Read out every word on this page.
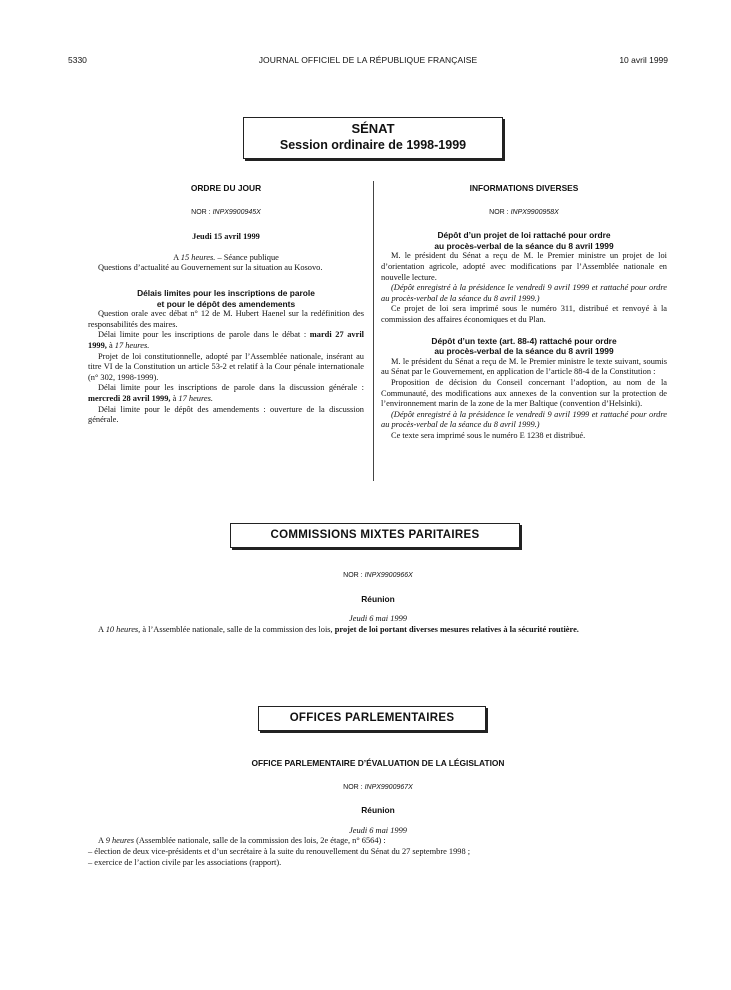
5330	JOURNAL OFFICIEL DE LA RÉPUBLIQUE FRANÇAISE	10 avril 1999
SÉNAT
Session ordinaire de 1998-1999
ORDRE DU JOUR
NOR : INPX9900945X
Jeudi 15 avril 1999
A 15 heures. – Séance publique

Questions d’actualité au Gouvernement sur la situation au Kosovo.

Délais limites pour les inscriptions de parole
et pour le dépôt des amendements

Question orale avec débat n° 12 de M. Hubert Haenel sur la redéfinition des responsabilités des maires.

Délai limite pour les inscriptions de parole dans le débat : mardi 27 avril 1999, à 17 heures.

Projet de loi constitutionnelle, adopté par l’Assemblée nationale, insérant au titre VI de la Constitution un article 53-2 et relatif à la Cour pénale internationale (n° 302, 1998-1999).

Délai limite pour les inscriptions de parole dans la discussion générale : mercredi 28 avril 1999, à 17 heures.

Délai limite pour le dépôt des amendements : ouverture de la discussion générale.

INFORMATIONS DIVERSES
NOR : INPX9900958X
Dépôt d’un projet de loi rattaché pour ordre
au procès-verbal de la séance du 8 avril 1999

M. le président du Sénat a reçu de M. le Premier ministre un projet de loi d’orientation agricole, adopté avec modifications par l’Assemblée nationale en nouvelle lecture.

(Dépôt enregistré à la présidence le vendredi 9 avril 1999 et rattaché pour ordre au procès-verbal de la séance du 8 avril 1999.)

Ce projet de loi sera imprimé sous le numéro 311, distribué et renvoyé à la commission des affaires économiques et du Plan.

Dépôt d’un texte (art. 88-4) rattaché pour ordre
au procès-verbal de la séance du 8 avril 1999

M. le président du Sénat a reçu de M. le Premier ministre le texte suivant, soumis au Sénat par le Gouvernement, en application de l’article 88-4 de la Constitution :

Proposition de décision du Conseil concernant l’adoption, au nom de la Communauté, des modifications aux annexes de la convention sur la protection de l’environnement marin de la zone de la mer Baltique (convention d’Helsinki).

(Dépôt enregistré à la présidence le vendredi 9 avril 1999 et rattaché pour ordre au procès-verbal de la séance du 8 avril 1999.)

Ce texte sera imprimé sous le numéro E 1238 et distribué.

COMMISSIONS MIXTES PARITAIRES
NOR : INPX9900966X
Réunion
Jeudi 6 mai 1999

A 10 heures, à l’Assemblée nationale, salle de la commission des lois, projet de loi portant diverses mesures relatives à la sécurité routière.

OFFICES PARLEMENTAIRES
OFFICE PARLEMENTAIRE D’ÉVALUATION DE LA LÉGISLATION
NOR : INPX9900967X
Réunion
Jeudi 6 mai 1999

A 9 heures (Assemblée nationale, salle de la commission des lois, 2e étage, n° 6564) :

– élection de deux vice-présidents et d’un secrétaire à la suite du renouvellement du Sénat du 27 septembre 1998 ;
– exercice de l’action civile par les associations (rapport).
